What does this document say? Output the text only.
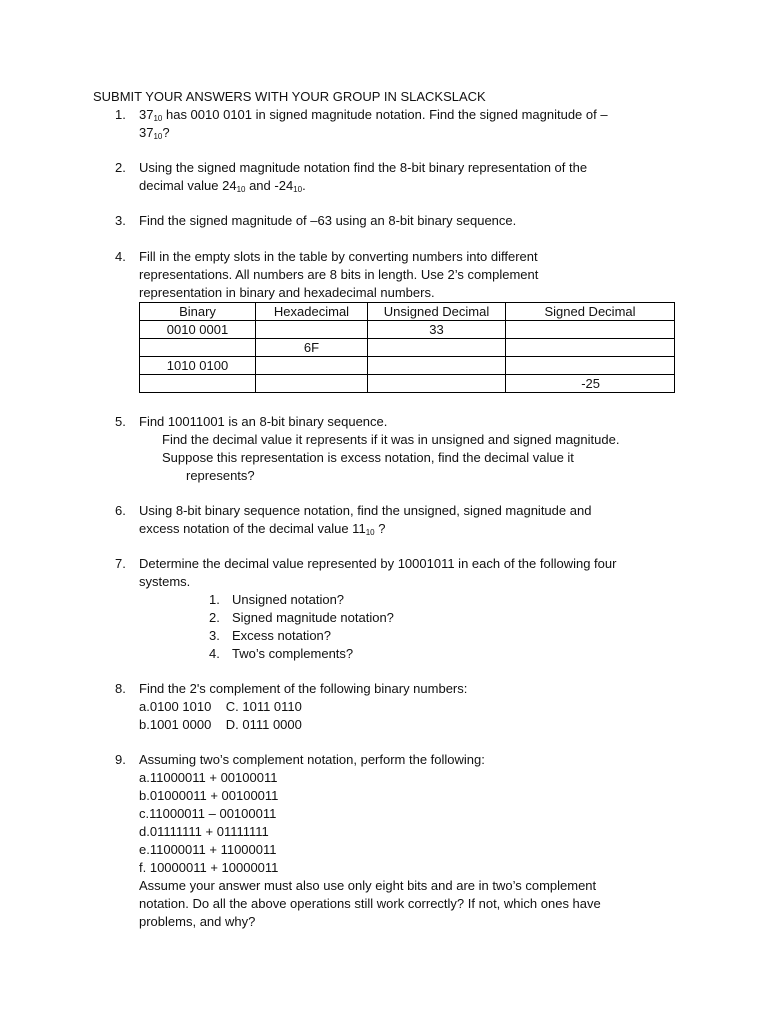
SUBMIT YOUR ANSWERS WITH YOUR GROUP IN SLACKSLACK
1. $37_{10}$ has 0010 0101 in signed magnitude notation. Find the signed magnitude of –
$37_{10}$?
2. Using the signed magnitude notation find the 8-bit binary representation of the
decimal value $24_{10}$ and $-24_{10}$.
3. Find the signed magnitude of –63 using an 8-bit binary sequence.
4. Fill in the empty slots in the table by converting numbers into different
representations. All numbers are 8 bits in length. Use 2’s complement
representation in binary and hexadecimal numbers.
Binary	Hexadecimal	Unsigned Decimal	Signed Decimal
0010 0001		33	
	6F		
1010 0100			
			-25
5. Find 10011001 is an 8-bit binary sequence.
Find the decimal value it represents if it was in unsigned and signed magnitude.
Suppose this representation is excess notation, find the decimal value it
represents?
6. Using 8-bit binary sequence notation, find the unsigned, signed magnitude and
excess notation of the decimal value $11_{10}$ ?
7. Determine the decimal value represented by 10001011 in each of the following four
systems.
1. Unsigned notation?
2. Signed magnitude notation?
3. Excess notation?
4. Two’s complements?
8. Find the 2's complement of the following binary numbers:
a.0100 1010    C. 1011 0110
b.1001 0000    D. 0111 0000
9. Assuming two’s complement notation, perform the following:
a.11000011 + 00100011
b.01000011 + 00100011
c.11000011 – 00100011
d.01111111 + 01111111
e.11000011 + 11000011
f. 10000011 + 10000011
Assume your answer must also use only eight bits and are in two’s complement
notation. Do all the above operations still work correctly? If not, which ones have
problems, and why?
